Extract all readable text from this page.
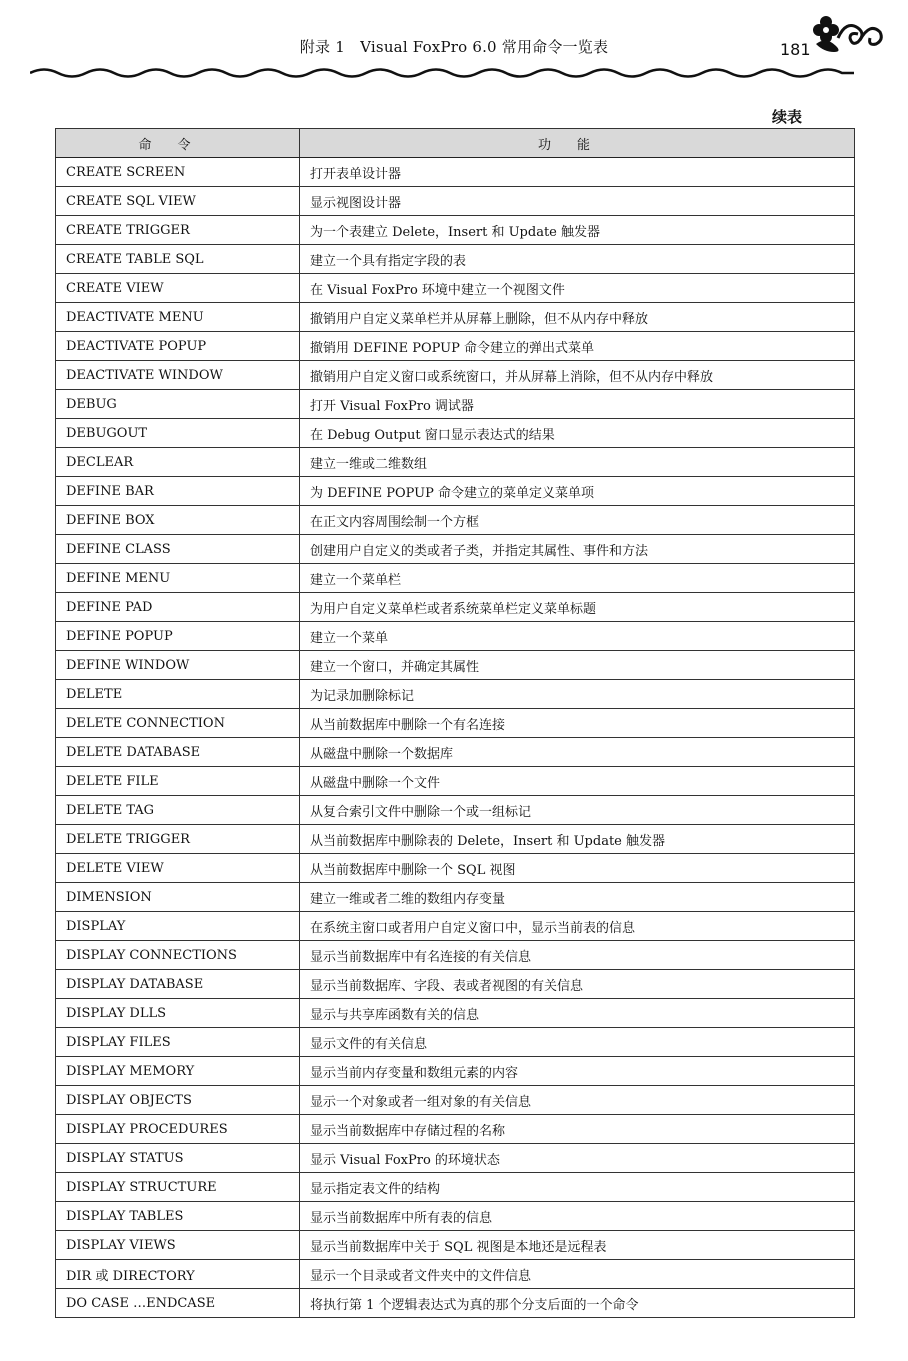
附录 1　Visual FoxPro 6.0 常用命令一览表	181
续表
命令	功能
CREATE SCREEN	打开表单设计器
CREATE SQL VIEW	显示视图设计器
CREATE TRIGGER	为一个表建立 Delete，Insert 和 Update 触发器
CREATE TABLE SQL	建立一个具有指定字段的表
CREATE VIEW	在 Visual FoxPro 环境中建立一个视图文件
DEACTIVATE MENU	撤销用户自定义菜单栏并从屏幕上删除，但不从内存中释放
DEACTIVATE POPUP	撤销用 DEFINE POPUP 命令建立的弹出式菜单
DEACTIVATE WINDOW	撤销用户自定义窗口或系统窗口，并从屏幕上消除，但不从内存中释放
DEBUG	打开 Visual FoxPro 调试器
DEBUGOUT	在 Debug Output 窗口显示表达式的结果
DECLEAR	建立一维或二维数组
DEFINE BAR	为 DEFINE POPUP 命令建立的菜单定义菜单项
DEFINE BOX	在正文内容周围绘制一个方框
DEFINE CLASS	创建用户自定义的类或者子类，并指定其属性、事件和方法
DEFINE MENU	建立一个菜单栏
DEFINE PAD	为用户自定义菜单栏或者系统菜单栏定义菜单标题
DEFINE POPUP	建立一个菜单
DEFINE WINDOW	建立一个窗口，并确定其属性
DELETE	为记录加删除标记
DELETE CONNECTION	从当前数据库中删除一个有名连接
DELETE DATABASE	从磁盘中删除一个数据库
DELETE FILE	从磁盘中删除一个文件
DELETE TAG	从复合索引文件中删除一个或一组标记
DELETE TRIGGER	从当前数据库中删除表的 Delete，Insert 和 Update 触发器
DELETE VIEW	从当前数据库中删除一个 SQL 视图
DIMENSION	建立一维或者二维的数组内存变量
DISPLAY	在系统主窗口或者用户自定义窗口中，显示当前表的信息
DISPLAY CONNECTIONS	显示当前数据库中有名连接的有关信息
DISPLAY DATABASE	显示当前数据库、字段、表或者视图的有关信息
DISPLAY DLLS	显示与共享库函数有关的信息
DISPLAY FILES	显示文件的有关信息
DISPLAY MEMORY	显示当前内存变量和数组元素的内容
DISPLAY OBJECTS	显示一个对象或者一组对象的有关信息
DISPLAY PROCEDURES	显示当前数据库中存储过程的名称
DISPLAY STATUS	显示 Visual FoxPro 的环境状态
DISPLAY STRUCTURE	显示指定表文件的结构
DISPLAY TABLES	显示当前数据库中所有表的信息
DISPLAY VIEWS	显示当前数据库中关于 SQL 视图是本地还是远程表
DIR 或 DIRECTORY	显示一个目录或者文件夹中的文件信息
DO CASE …ENDCASE	将执行第 1 个逻辑表达式为真的那个分支后面的一个命令
